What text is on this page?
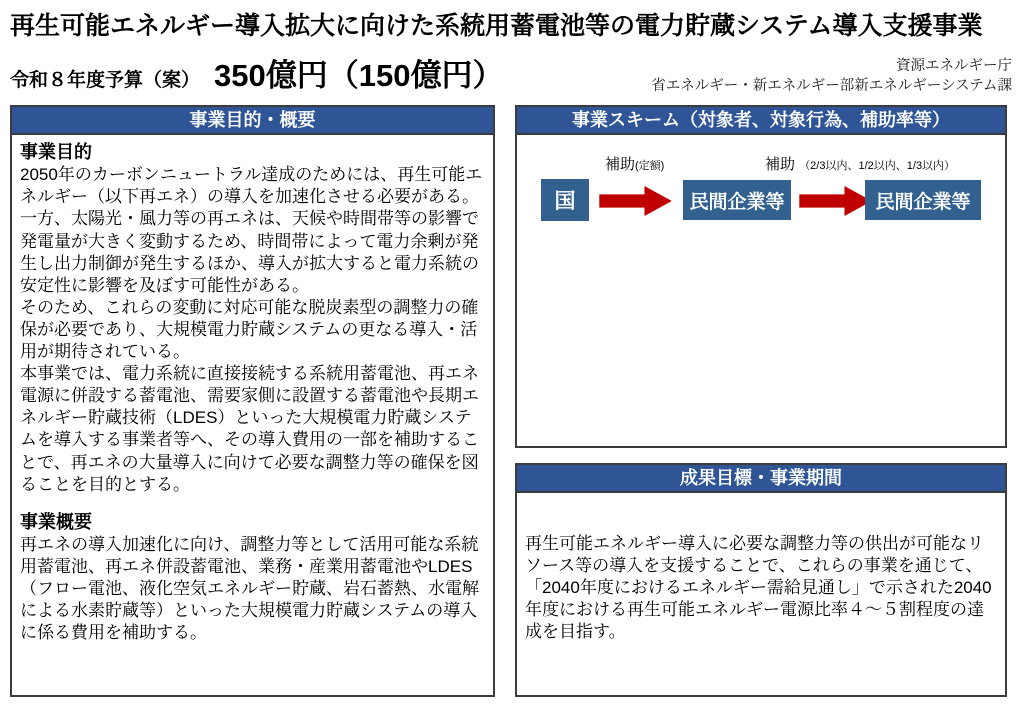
再生可能エネルギー導入拡大に向けた系統用蓄電池等の電力貯蔵システム導入支援事業
令和８年度予算（案） 350億円（150億円）	資源エネルギー庁
省エネルギー・新エネルギー部新エネルギーシステム課
事業目的・概要
事業目的

2050年のカーボンニュートラル達成のためには、再生可能エネルギー（以下再エネ）の導入を加速化させる必要がある。

一方、太陽光・風力等の再エネは、天候や時間帯等の影響で発電量が大きく変動するため、時間帯によって電力余剰が発生し出力制御が発生するほか、導入が拡大すると電力系統の安定性に影響を及ぼす可能性がある。

そのため、これらの変動に対応可能な脱炭素型の調整力の確保が必要であり、大規模電力貯蔵システムの更なる導入・活用が期待されている。

本事業では、電力系統に直接接続する系統用蓄電池、再エネ電源に併設する蓄電池、需要家側に設置する蓄電池や長期エネルギー貯蔵技術（LDES）といった大規模電力貯蔵システムを導入する事業者等へ、その導入費用の一部を補助することで、再エネの大量導入に向けて必要な調整力等の確保を図ることを目的とする。

事業概要

再エネの導入加速化に向け、調整力等として活用可能な系統用蓄電池、再エネ併設蓄電池、業務・産業用蓄電池やLDES（フロー電池、液化空気エネルギー貯蔵、岩石蓄熱、水電解による水素貯蔵等）といった大規模電力貯蔵システムの導入に係る費用を補助する。

事業スキーム（対象者、対象行為、補助率等）
補助(定額)	補助 （2/3以内、1/2以内、1/3以内）
国	民間企業等	民間企業等
成果目標・事業期間

再生可能エネルギー導入に必要な調整力等の供出が可能なリソース等の導入を支援することで、これらの事業を通じて、「2040年度におけるエネルギー需給見通し」で示された2040年度における再生可能エネルギー電源比率４～５割程度の達成を目指す。
